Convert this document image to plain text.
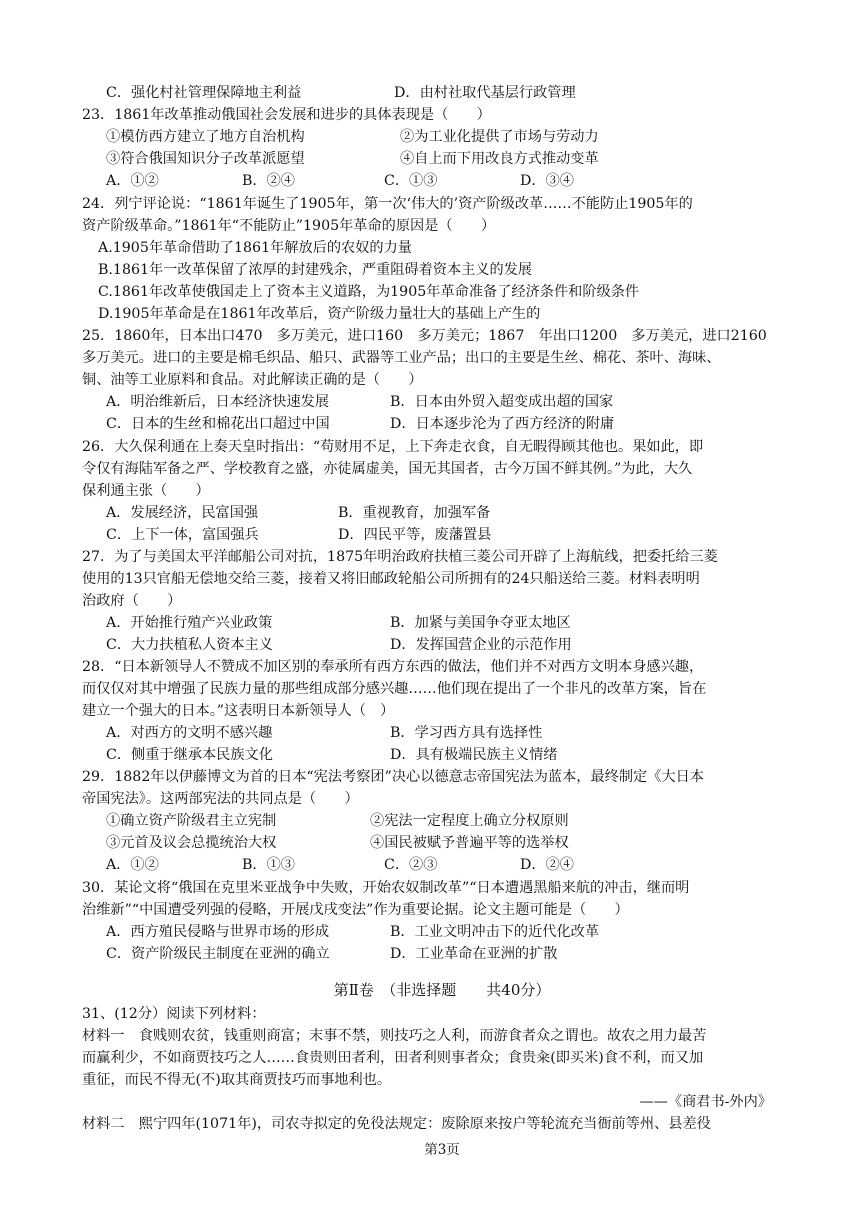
C．强化村社管理保障地主利益	D．由村社取代基层行政管理
23．1861年改革推动俄国社会发展和进步的具体表现是（　　）
①模仿西方建立了地方自治机构	②为工业化提供了市场与劳动力
③符合俄国知识分子改革派愿望	④自上而下用改良方式推动变革
A．①②	B．②④	C．①③	D．③④
24．列宁评论说：“1861年诞生了1905年，第一次‘伟大的’资产阶级改革……不能防止1905年的
资产阶级革命。”1861年“不能防止”1905年革命的原因是（　　）
A.1905年革命借助了1861年解放后的农奴的力量
B.1861年一改革保留了浓厚的封建残余，严重阻碍着资本主义的发展
C.1861年改革使俄国走上了资本主义道路，为1905年革命准备了经济条件和阶级条件
D.1905年革命是在1861年改革后，资产阶级力量壮大的基础上产生的
25．1860年，日本出口470　多万美元，进口160　多万美元；1867　年出口1200　多万美元，进口2160
多万美元。进口的主要是棉毛织品、船只、武器等工业产品；出口的主要是生丝、棉花、茶叶、海味、
铜、油等工业原料和食品。对此解读正确的是（　　）
A．明治维新后，日本经济快速发展	B．日本由外贸入超变成出超的国家
C．日本的生丝和棉花出口超过中国	D．日本逐步沦为了西方经济的附庸
26．大久保利通在上奏天皇时指出：“苟财用不足，上下奔走衣食，自无暇得顾其他也。果如此，即
令仅有海陆军备之严、学校教育之盛，亦徒属虚美，国无其国者，古今万国不鲜其例。”为此，大久
保利通主张（　　）
A．发展经济，民富国强	B．重视教育，加强军备
C．上下一体，富国强兵	D．四民平等，废藩置县
27．为了与美国太平洋邮船公司对抗，1875年明治政府扶植三菱公司开辟了上海航线，把委托给三菱
使用的13只官船无偿地交给三菱，接着又将旧邮政轮船公司所拥有的24只船送给三菱。材料表明明
治政府（　　）
A．开始推行殖产兴业政策	B．加紧与美国争夺亚太地区
C．大力扶植私人资本主义	D．发挥国营企业的示范作用
28．“日本新领导人不赞成不加区别的奉承所有西方东西的做法，他们并不对西方文明本身感兴趣，
而仅仅对其中增强了民族力量的那些组成部分感兴趣……他们现在提出了一个非凡的改革方案，旨在
建立一个强大的日本。”这表明日本新领导人（　）
A．对西方的文明不感兴趣	B．学习西方具有选择性
C．侧重于继承本民族文化	D．具有极端民族主义情绪
29．1882年以伊藤博文为首的日本“宪法考察团”决心以德意志帝国宪法为蓝本，最终制定《大日本
帝国宪法》。这两部宪法的共同点是（　　）
①确立资产阶级君主立宪制	②宪法一定程度上确立分权原则
③元首及议会总揽统治大权	④国民被赋予普遍平等的选举权
A．①②	B．①③	C．②③	D．②④
30．某论文将“俄国在克里米亚战争中失败，开始农奴制改革”“日本遭遇黑船来航的冲击，继而明
治维新”“中国遭受列强的侵略，开展戊戌变法”作为重要论据。论文主题可能是（　　）
A．西方殖民侵略与世界市场的形成	B．工业文明冲击下的近代化改革
C．资产阶级民主制度在亚洲的确立	D．工业革命在亚洲的扩散
第Ⅱ卷　（非选择题　　共40分）
31、(12分）阅读下列材料：
材料一　食贱则农贫，钱重则商富；末事不禁，则技巧之人利，而游食者众之谓也。故农之用力最苦
而赢利少，不如商贾技巧之人……食贵则田者利，田者利则事者众；食贵籴(即买米)食不利，而又加
重征，而民不得无(不)取其商贾技巧而事地利也。
——《商君书-外内》
材料二　熙宁四年(1071年)，司农寺拟定的免役法规定：废除原来按户等轮流充当衙前等州、县差役
第3页
